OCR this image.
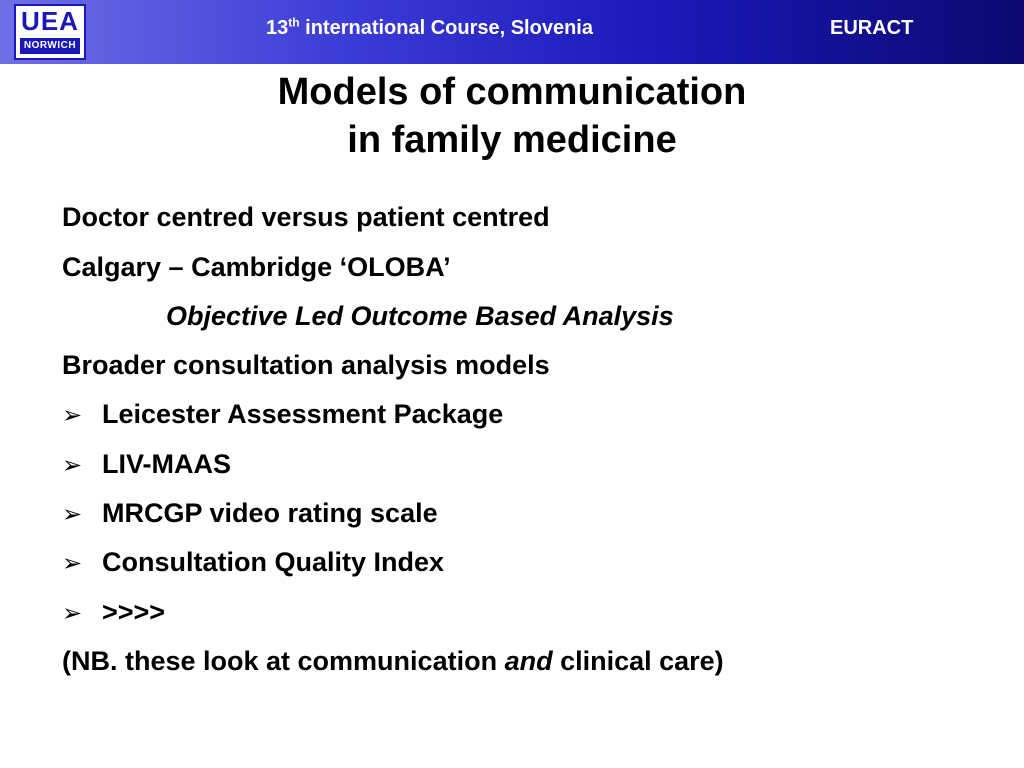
UEA
NORWICH
13th international Course, Slovenia	EURACT
Models of communication
in family medicine
Doctor centred versus patient centred
Calgary – Cambridge ‘OLOBA’
Objective Led Outcome Based Analysis
Broader consultation analysis models
➢ Leicester Assessment Package
➢ LIV-MAAS
➢ MRCGP video rating scale
➢ Consultation Quality Index
➢ >>>>
(NB. these look at communication and clinical care)
